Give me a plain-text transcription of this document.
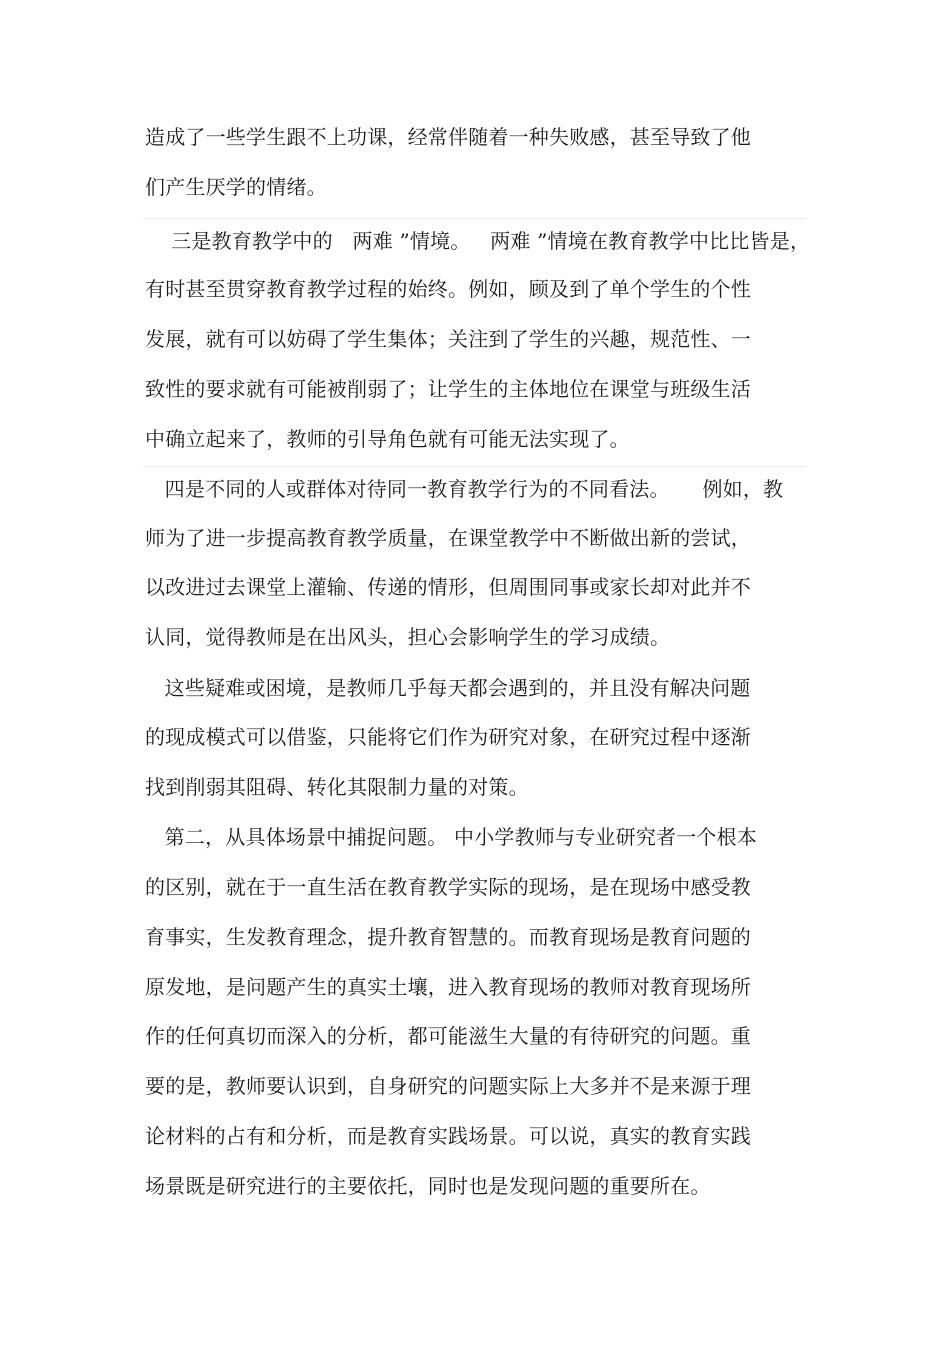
造成了一些学生跟不上功课，经常伴随着一种失败感，甚至导致了他
们产生厌学的情绪。
三是教育教学中的   两难 ”情境。   两难 ”情境在教育教学中比比皆是，
有时甚至贯穿教育教学过程的始终。例如，顾及到了单个学生的个性
发展，就有可以妨碍了学生集体；关注到了学生的兴趣，规范性、一
致性的要求就有可能被削弱了；让学生的主体地位在课堂与班级生活
中确立起来了，教师的引导角色就有可能无法实现了。
四是不同的人或群体对待同一教育教学行为的不同看法。     例如，教
师为了进一步提高教育教学质量，在课堂教学中不断做出新的尝试，
以改进过去课堂上灌输、传递的情形，但周围同事或家长却对此并不
认同，觉得教师是在出风头，担心会影响学生的学习成绩。
这些疑难或困境，是教师几乎每天都会遇到的，并且没有解决问题
的现成模式可以借鉴，只能将它们作为研究对象，在研究过程中逐渐
找到削弱其阻碍、转化其限制力量的对策。
第二，从具体场景中捕捉问题。 中小学教师与专业研究者一个根本
的区别，就在于一直生活在教育教学实际的现场，是在现场中感受教
育事实，生发教育理念，提升教育智慧的。而教育现场是教育问题的
原发地，是问题产生的真实土壤，进入教育现场的教师对教育现场所
作的任何真切而深入的分析，都可能滋生大量的有待研究的问题。重
要的是，教师要认识到，自身研究的问题实际上大多并不是来源于理
论材料的占有和分析，而是教育实践场景。可以说，真实的教育实践
场景既是研究进行的主要依托，同时也是发现问题的重要所在。
